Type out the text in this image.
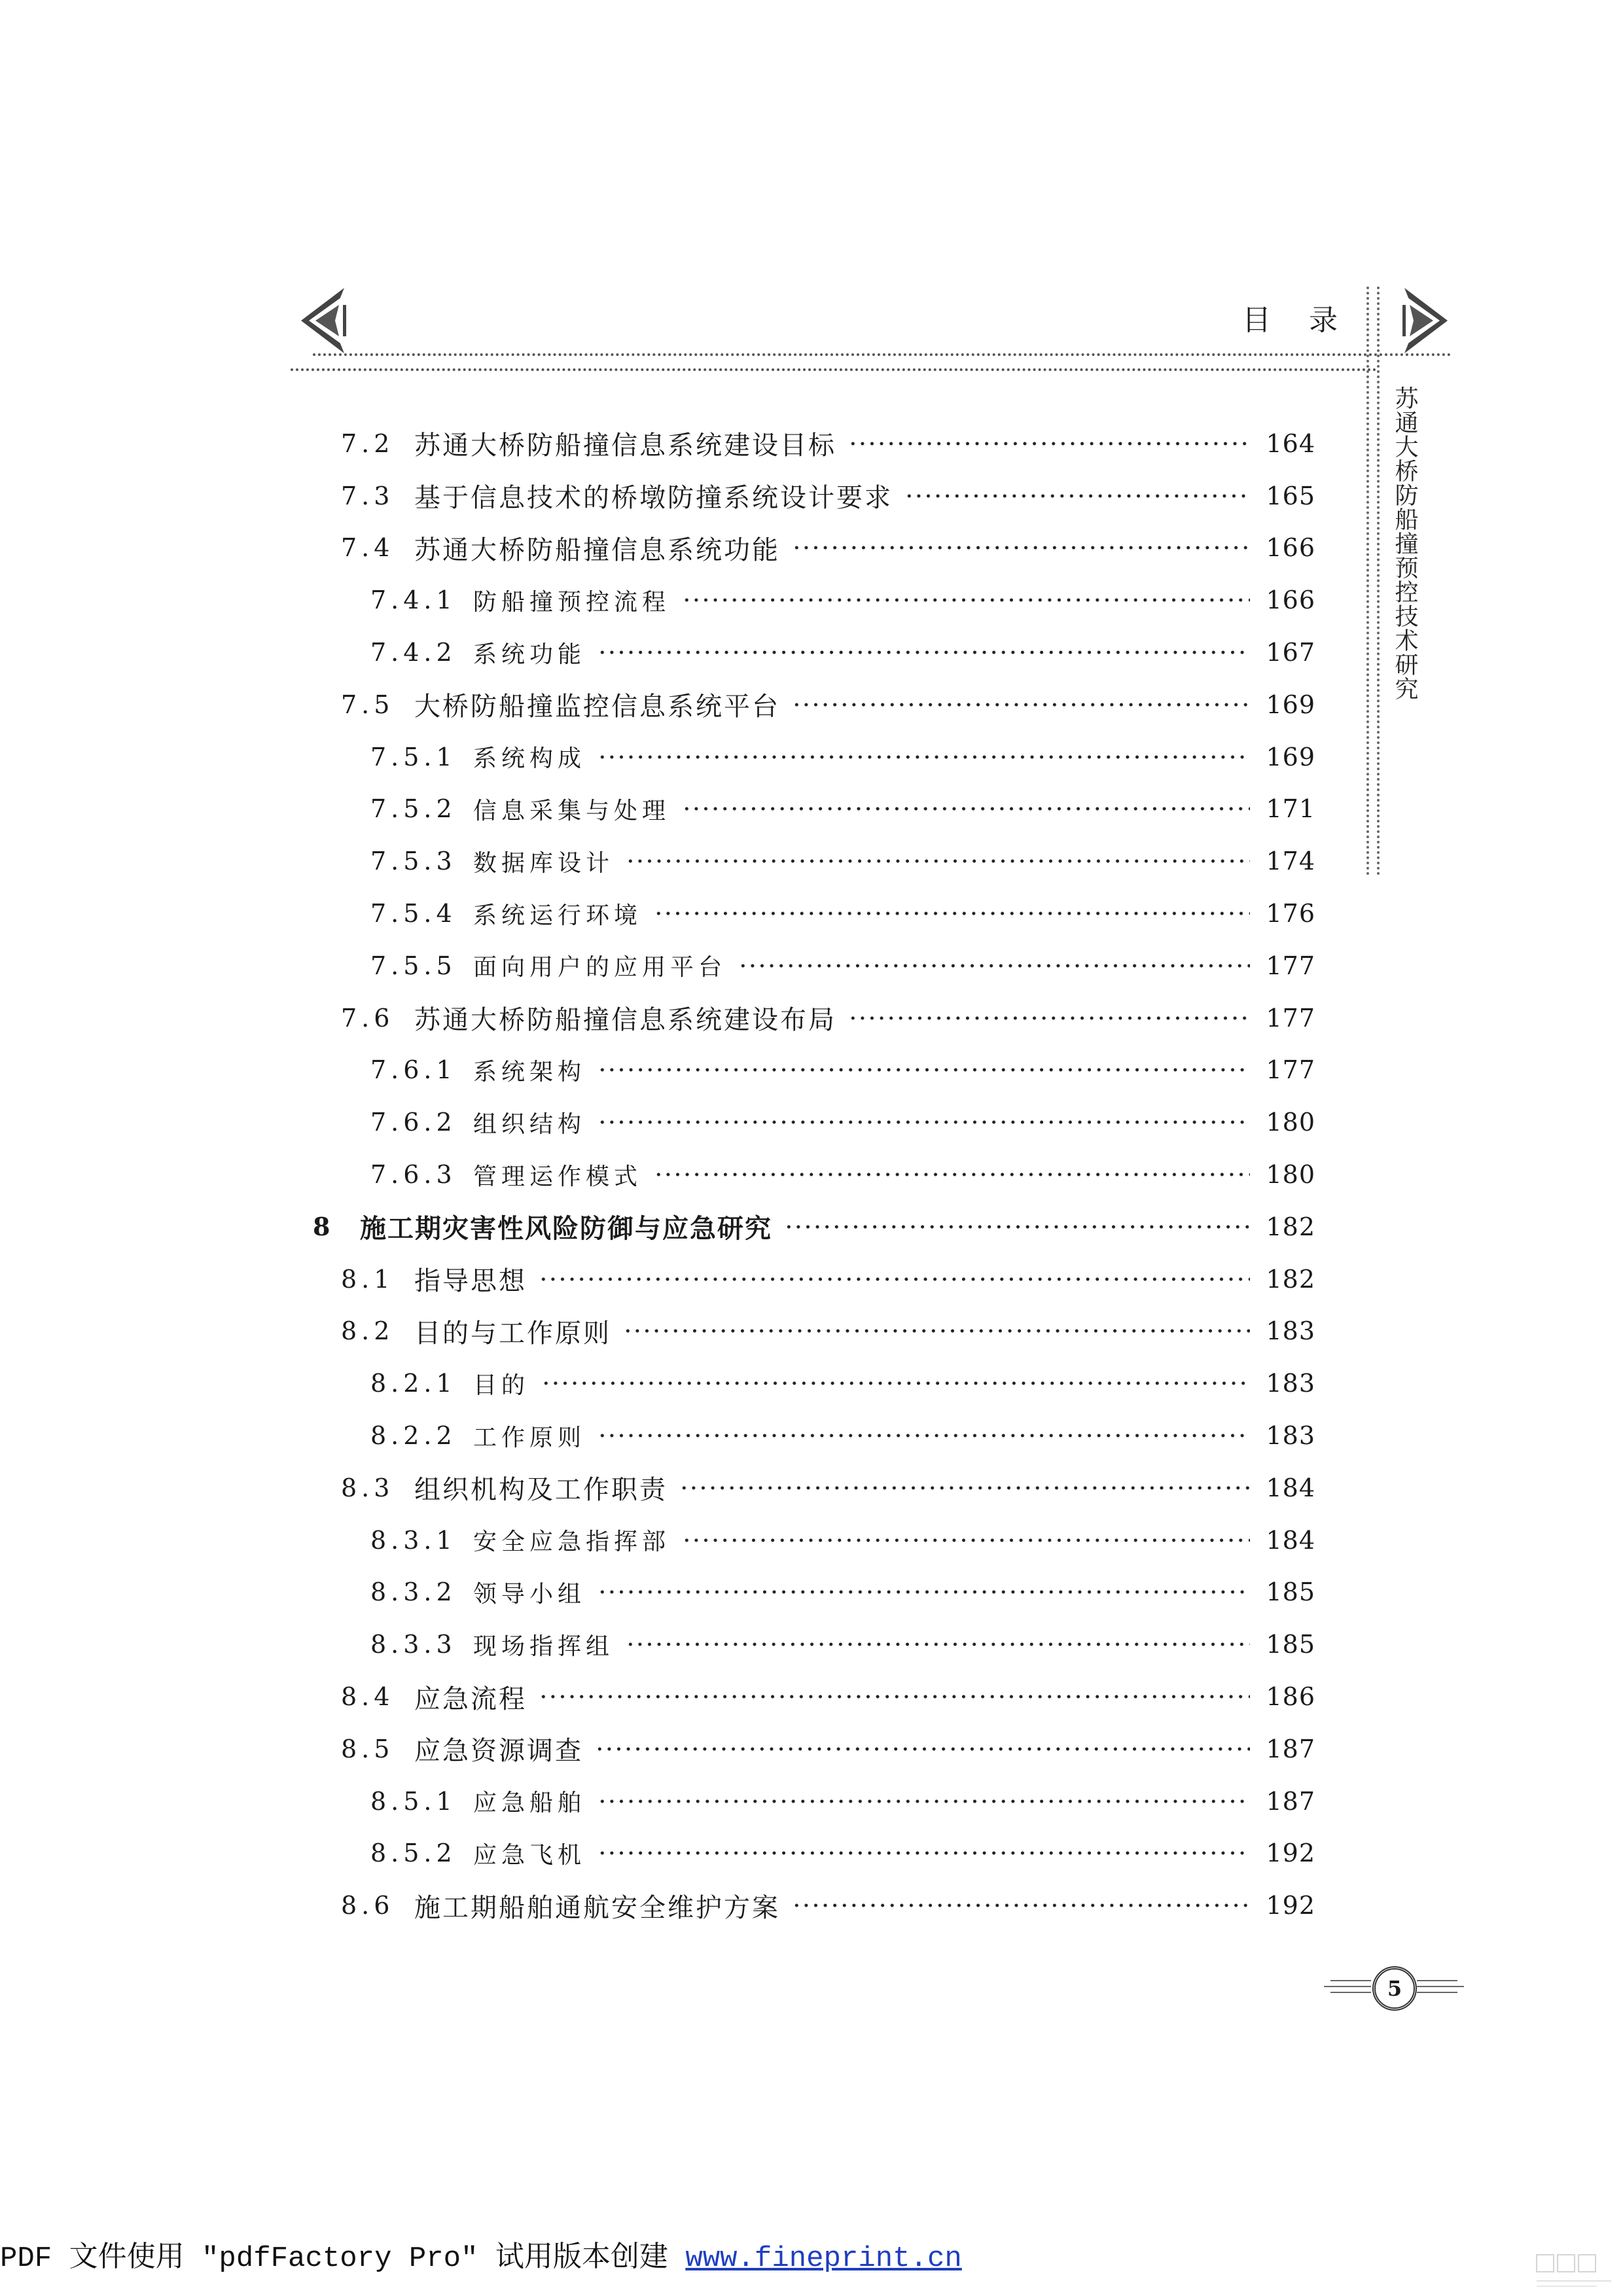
目 录
苏通大桥防船撞预控技术研究
7.2 苏通大桥防船撞信息系统建设目标	164
7.3 基于信息技术的桥墩防撞系统设计要求	165
7.4 苏通大桥防船撞信息系统功能	166
7.4.1 防船撞预控流程	166
7.4.2 系统功能	167
7.5 大桥防船撞监控信息系统平台	169
7.5.1 系统构成	169
7.5.2 信息采集与处理	171
7.5.3 数据库设计	174
7.5.4 系统运行环境	176
7.5.5 面向用户的应用平台	177
7.6 苏通大桥防船撞信息系统建设布局	177
7.6.1 系统架构	177
7.6.2 组织结构	180
7.6.3 管理运作模式	180
8	施工期灾害性风险防御与应急研究	182
8.1 指导思想	182
8.2 目的与工作原则	183
8.2.1 目的	183
8.2.2 工作原则	183
8.3 组织机构及工作职责	184
8.3.1 安全应急指挥部	184
8.3.2 领导小组	185
8.3.3 现场指挥组	185
8.4 应急流程	186
8.5 应急资源调查	187
8.5.1 应急船舶	187
8.5.2 应急飞机	192
8.6 施工期船舶通航安全维护方案	192
5
PDF 文件使用 ″pdfFactory Pro″ 试用版本创建 www.fineprint.cn
